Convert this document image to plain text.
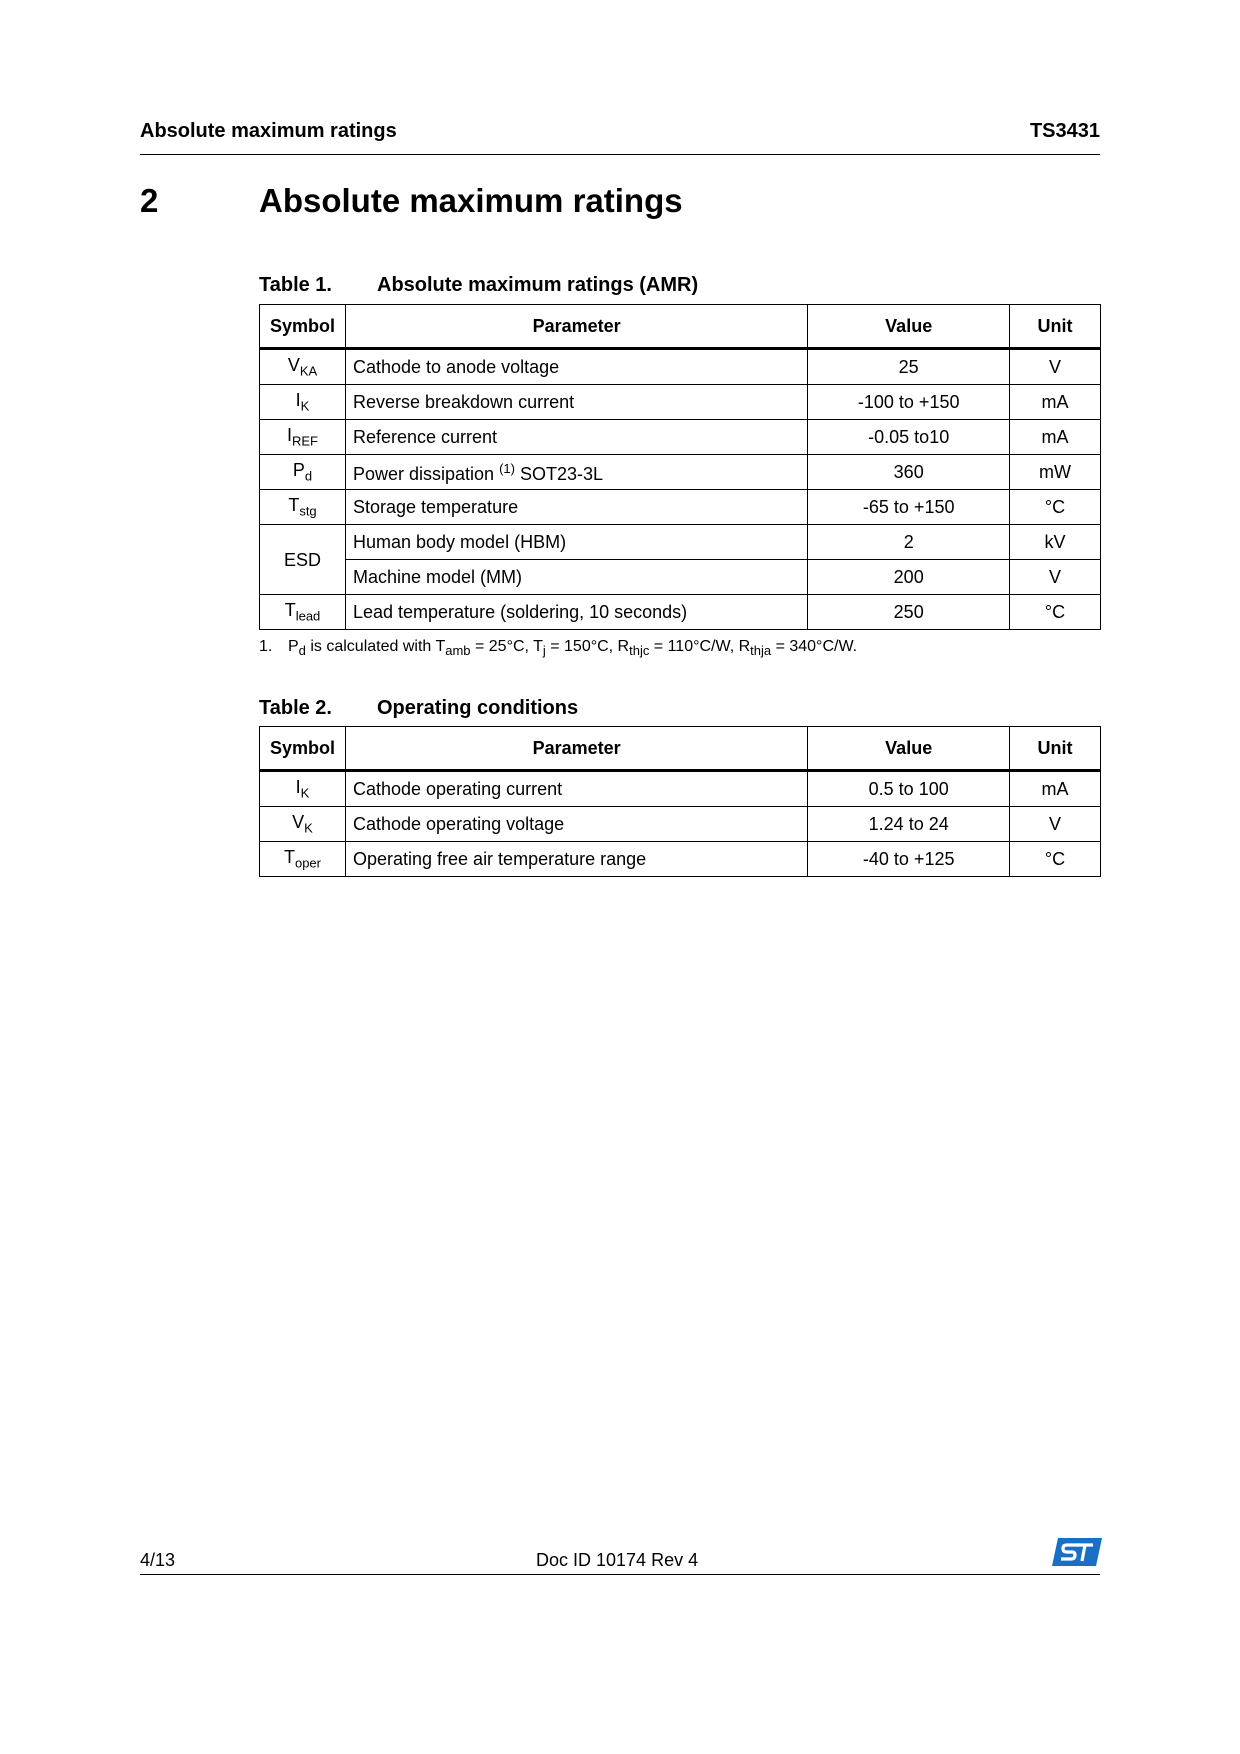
Absolute maximum ratings	TS3431
2	Absolute maximum ratings
Table 1. Absolute maximum ratings (AMR)
Symbol	Parameter	Value	Unit
$V_{KA}$	Cathode to anode voltage	25	V
$I_K$	Reverse breakdown current	-100 to +150	mA
$I_{REF}$	Reference current	-0.05 to10	mA
$P_d$	Power dissipation $^{(1)}$ SOT23-3L	360	mW
$T_{stg}$	Storage temperature	-65 to +150	°C
ESD	Human body model (HBM)	2	kV
	Machine model (MM)	200	V
$T_{lead}$	Lead temperature (soldering, 10 seconds)	250	°C
1. $P_d$ is calculated with $T_{amb} = 25^\circ C$, $T_j = 150^\circ C$, $R_{thjc} = 110^\circ C/W$, $R_{thja} = 340^\circ C/W$.
Table 2. Operating conditions
Symbol	Parameter	Value	Unit
$I_K$	Cathode operating current	0.5 to 100	mA
$V_K$	Cathode operating voltage	1.24 to 24	V
$T_{oper}$	Operating free air temperature range	-40 to +125	°C
4/13	Doc ID 10174 Rev 4
